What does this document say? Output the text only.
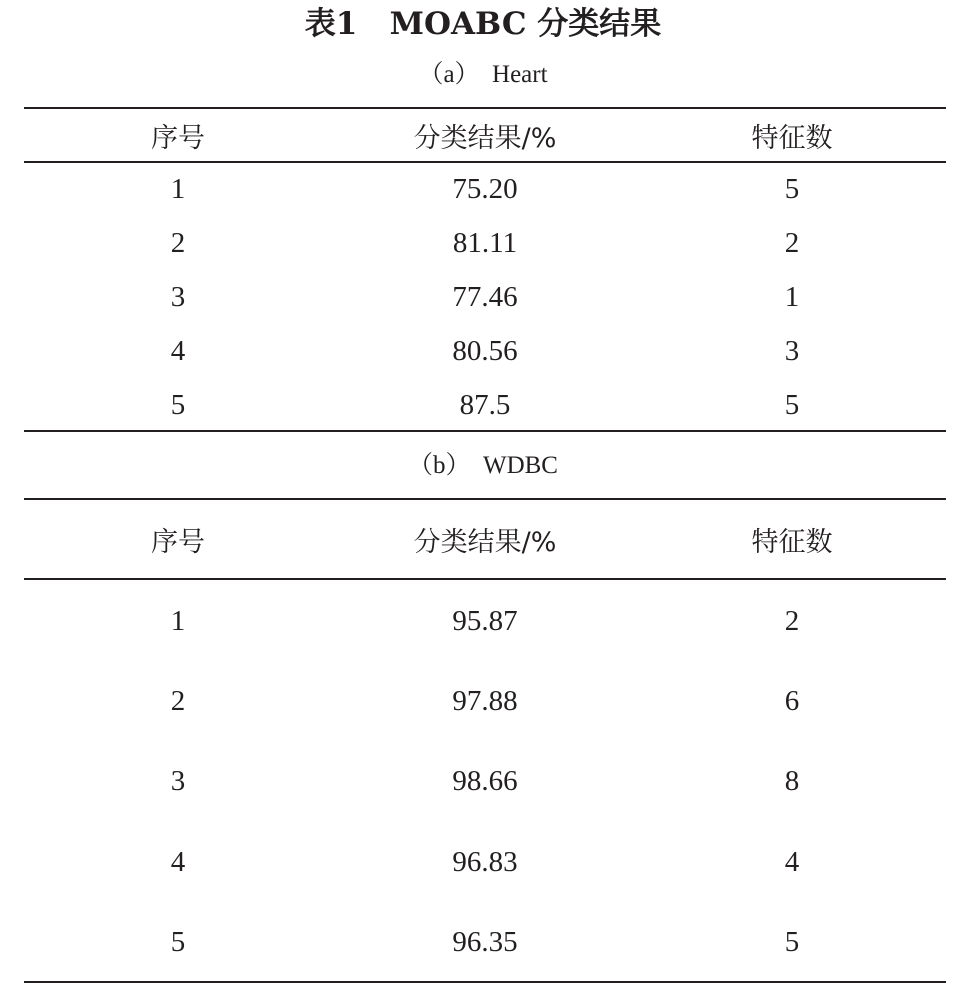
表1   MOABC 分类结果
（a）  Heart
序号	分类结果/%	特征数
1	75.20	5
2	81.11	2
3	77.46	1
4	80.56	3
5	87.5	5
（b）  WDBC
序号	分类结果/%	特征数
1	95.87	2
2	97.88	6
3	98.66	8
4	96.83	4
5	96.35	5
